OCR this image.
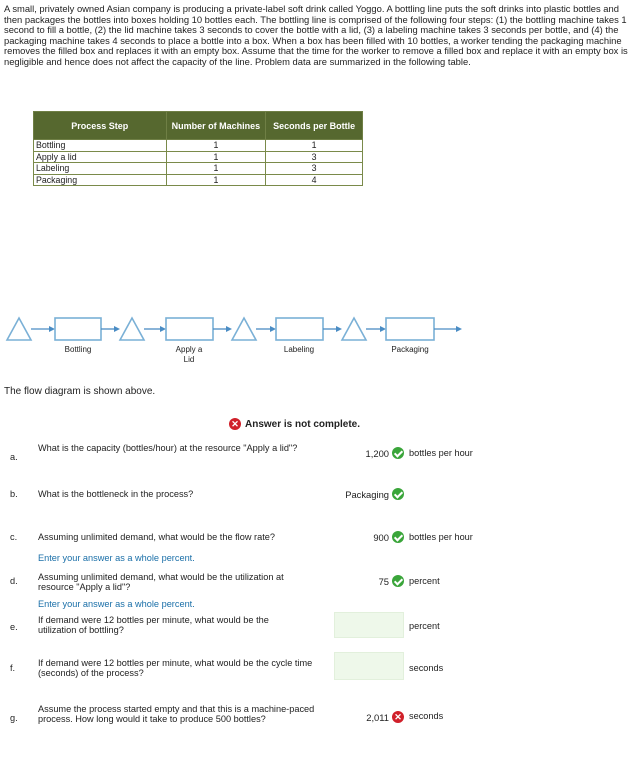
A small, privately owned Asian company is producing a private-label soft drink called Yoggo. A bottling line puts the soft drinks into plastic bottles and then packages the bottles into boxes holding 10 bottles each. The bottling line is comprised of the following four steps: (1) the bottling machine takes 1 second to fill a bottle, (2) the lid machine takes 3 seconds to cover the bottle with a lid, (3) a labeling machine takes 3 seconds per bottle, and (4) the packaging machine takes 4 seconds to place a bottle into a box. When a box has been filled with 10 bottles, a worker tending the packaging machine removes the filled box and replaces it with an empty box. Assume that the time for the worker to remove a filled box and replace it with an empty box is negligible and hence does not affect the capacity of the line. Problem data are summarized in the following table.
Process Step	Number of Machines	Seconds per Bottle
Bottling	1	1
Apply a lid	1	3
Labeling	1	3
Packaging	1	4
Bottling	Apply a
Lid
Labeling	Packaging
The flow diagram is shown above.
✕ Answer is not complete.
a.
What is the capacity (bottles/hour) at the resource "Apply a lid"?	1,200 bottles per hour
b. What is the bottleneck in the process?	Packaging
c. Assuming unlimited demand, what would be the flow rate?	900 bottles per hour
Enter your answer as a whole percent.
d. Assuming unlimited demand, what would be the utilization at resource "Apply a lid"?
75 percent
Enter your answer as a whole percent.
e.
If demand were 12 bottles per minute, what would be the utilization of bottling?	percent
f. If demand were 12 bottles per minute, what would be the cycle time (seconds) of the process?
seconds
g.
Assume the process started empty and that this is a machine-paced process. How long would it take to produce 500 bottles?	2,011 ✕ seconds
